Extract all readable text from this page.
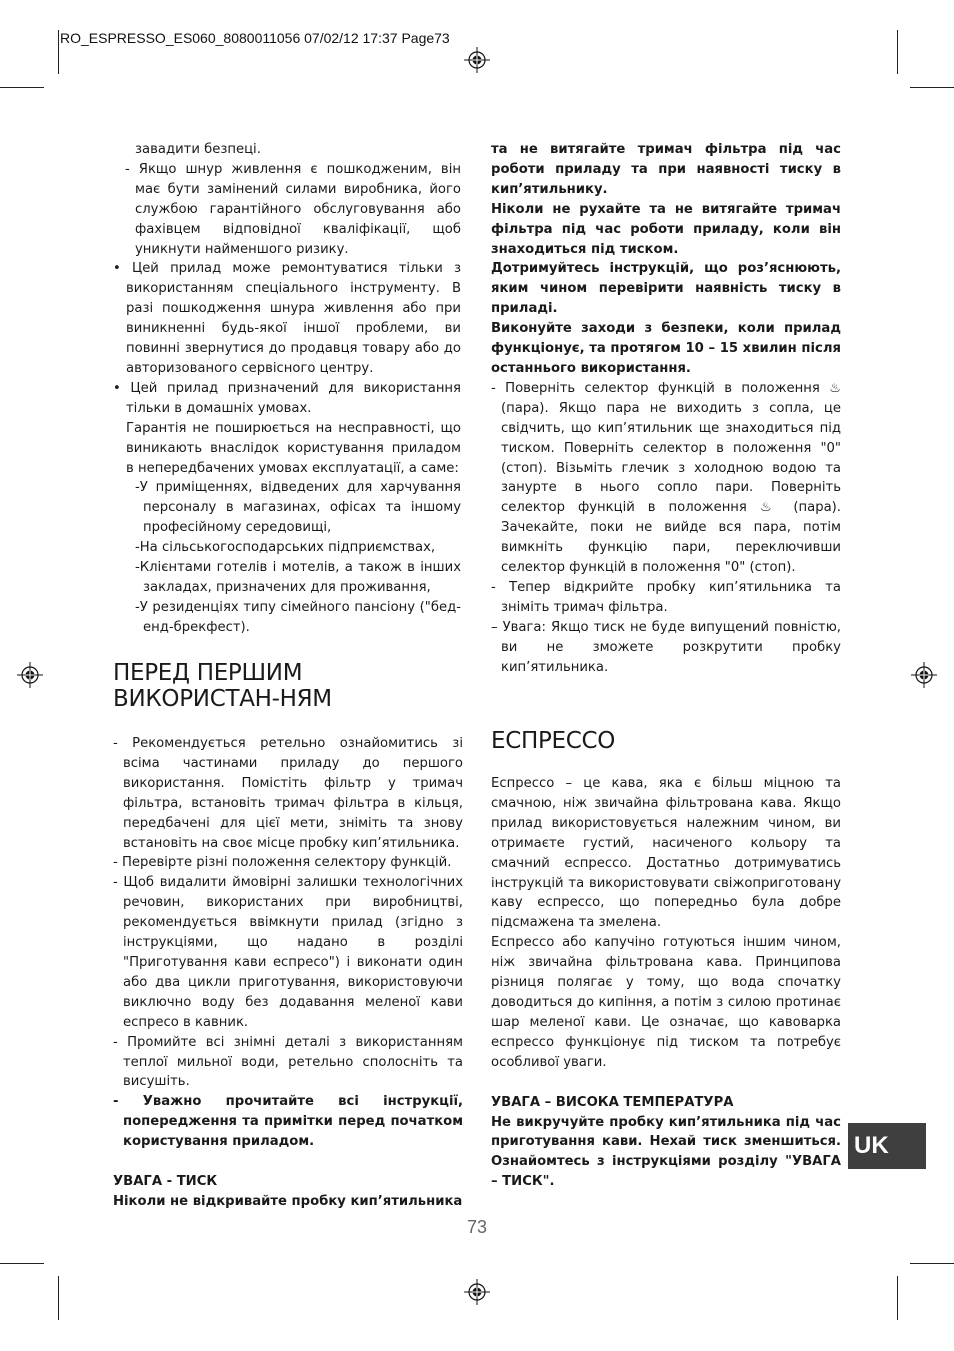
RO_ESPRESSO_ES060_8080011056 07/02/12 17:37 Page73

завадити безпеці.

- Якщо шнур живлення є пошкодженим, він має бути замінений силами виробника, його службою гарантійного обслуговування або фахівцем відповідної кваліфікації, щоб уникнути найменшого ризику.

• Цей прилад може ремонтуватися тільки з використанням спеціального інструменту. В разі пошкодження шнура живлення або при виникненні будь-якої іншої проблеми, ви повинні звернутися до продавця товару або до авторизованого сервісного центру.

• Цей прилад призначений для використання тільки в домашніх умовах.

Гарантія не поширюється на несправності, що виникають внаслідок користування приладом в непередбачених умовах експлуатації, а саме:

-У приміщеннях, відведених для харчування персоналу в магазинах, офісах та іншому професійному середовищі,

-На сільськогосподарських підприємствах,

-Клієнтами готелів і мотелів, а також в інших закладах, призначених для проживання,

-У резиденціях типу сімейного пансіону ("бед-енд-брекфест).

ПЕРЕД ПЕРШИМ ВИКОРИСТАН-НЯМ

- Рекомендується ретельно ознайомитись зі всіма частинами приладу до першого використання. Помістіть фільтр у тримач фільтра, встановіть тримач фільтра в кільця, передбачені для цієї мети, зніміть та знову встановіть на своє місце пробку кип’ятильника.

- Перевірте різні положення селектору функцій.

- Щоб видалити ймовірні залишки технологічних речовин, використаних при виробництві, рекомендується ввімкнути прилад (згідно з інструкціями, що надано в розділі "Приготування кави еспресо") і виконати один або два цикли приготування, використовуючи виключно воду без додавання меленої кави еспресо в кавник.

- Промийте всі знімні деталі з використанням теплої мильної води, ретельно сполосніть та висушіть.

- Уважно прочитайте всі інструкції, попередження та примітки перед початком користування приладом.

УВАГА - ТИСК

Ніколи не відкривайте пробку кип’ятильника

та не витягайте тримач фільтра під час роботи приладу та при наявності тиску в кип’ятильнику.

Ніколи не рухайте та не витягайте тримач фільтра під час роботи приладу, коли він знаходиться під тиском.

Дотримуйтесь інструкцій, що роз’яснюють, яким чином перевірити наявність тиску в приладі.

Виконуйте заходи з безпеки, коли прилад функціонує, та протягом 10 – 15 хвилин після останнього використання.

- Поверніть селектор функцій в положення ♨ (пара). Якщо пара не виходить з сопла, це свідчить, що кип’ятильник ще знаходиться під тиском. Поверніть селектор в положення "0" (стоп). Візьміть глечик з холодною водою та занурте в нього сопло пари. Поверніть селектор функцій в положення ♨ (пара). Зачекайте, поки не вийде вся пара, потім вимкніть функцію пари, переключивши селектор функцій в положення "0" (стоп).

- Тепер відкрийте пробку кип’ятильника та зніміть тримач фільтра.

– Увага: Якщо тиск не буде випущений повністю, ви не зможете розкрутити пробку кип’ятильника.

ЕСПРЕССО

Еспрессо – це кава, яка є більш міцною та смачною, ніж звичайна фільтрована кава. Якщо прилад використовується належним чином, ви отримаєте густий, насиченого кольору та смачний еспрессо. Достатньо дотримуватись інструкцій та використовувати свіжоприготовану каву еспрессо, що попередньо була добре підсмажена та змелена.

Еспрессо або капучіно готуються іншим чином, ніж звичайна фільтрована кава. Принципова різниця полягає у тому, що вода спочатку доводиться до кипіння, а потім з силою протинає шар меленої кави. Це означає, що кавоварка еспрессо функціонує під тиском та потребує особливої уваги.

УВАГА – ВИСОКА ТЕМПЕРАТУРА

Не викручуйте пробку кип’ятильника під час приготування кави. Нехай тиск зменшиться. Ознайомтесь з інструкціями розділу "УВАГА – ТИСК".

UK
73
